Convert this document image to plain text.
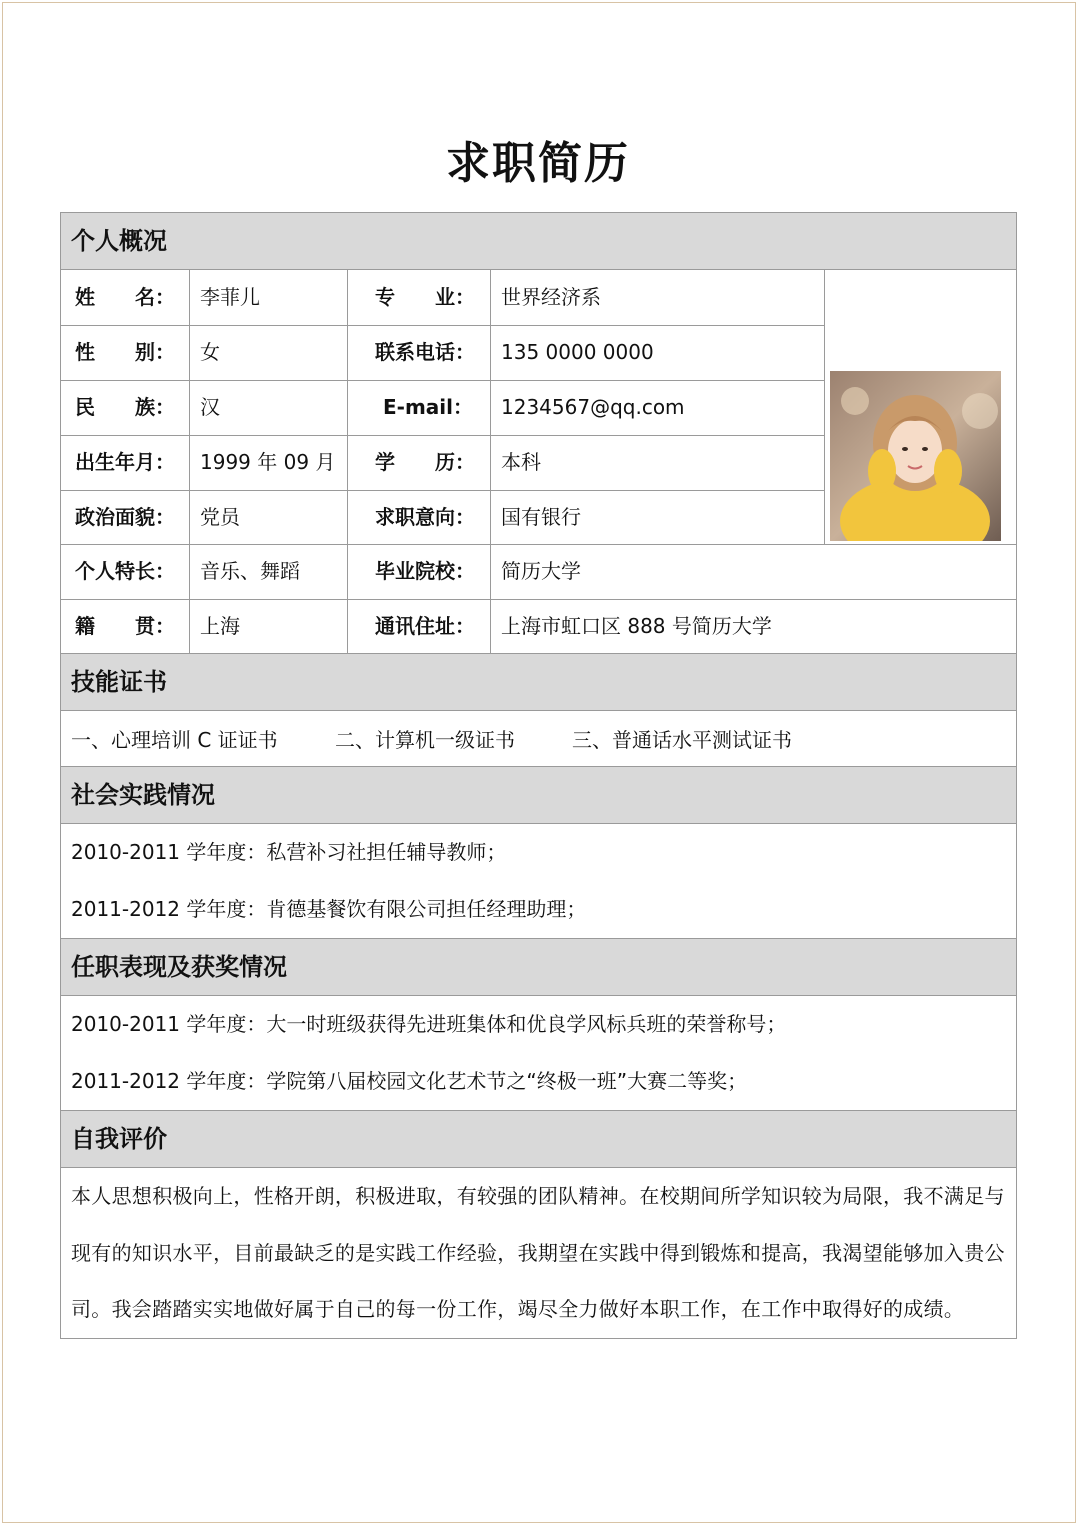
求职简历
个人概况
姓　　名：	李菲儿	专　　业：	世界经济系
性　　别：	女	联系电话：	135 0000 0000
民　　族：	汉	E-mail：	1234567@qq.com
出生年月：	1999 年 09 月	学　　历：	本科
政治面貌：	党员	求职意向：	国有银行
个人特长：	音乐、舞蹈	毕业院校：	简历大学
籍　　贯：	上海	通讯住址：	上海市虹口区 888 号简历大学
技能证书
一、心理培训 C 证证书	二、计算机一级证书	三、普通话水平测试证书
社会实践情况
2010-2011 学年度：私营补习社担任辅导教师；
2011-2012 学年度：肯德基餐饮有限公司担任经理助理；
任职表现及获奖情况
2010-2011 学年度：大一时班级获得先进班集体和优良学风标兵班的荣誉称号；
2011-2012 学年度：学院第八届校园文化艺术节之“终极一班”大赛二等奖；
自我评价
本人思想积极向上，性格开朗，积极进取，有较强的团队精神。在校期间所学知识较为局限，我不满足与现有的知识水平，目前最缺乏的是实践工作经验，我期望在实践中得到锻炼和提高，我渴望能够加入贵公司。我会踏踏实实地做好属于自己的每一份工作，竭尽全力做好本职工作，在工作中取得好的成绩。
